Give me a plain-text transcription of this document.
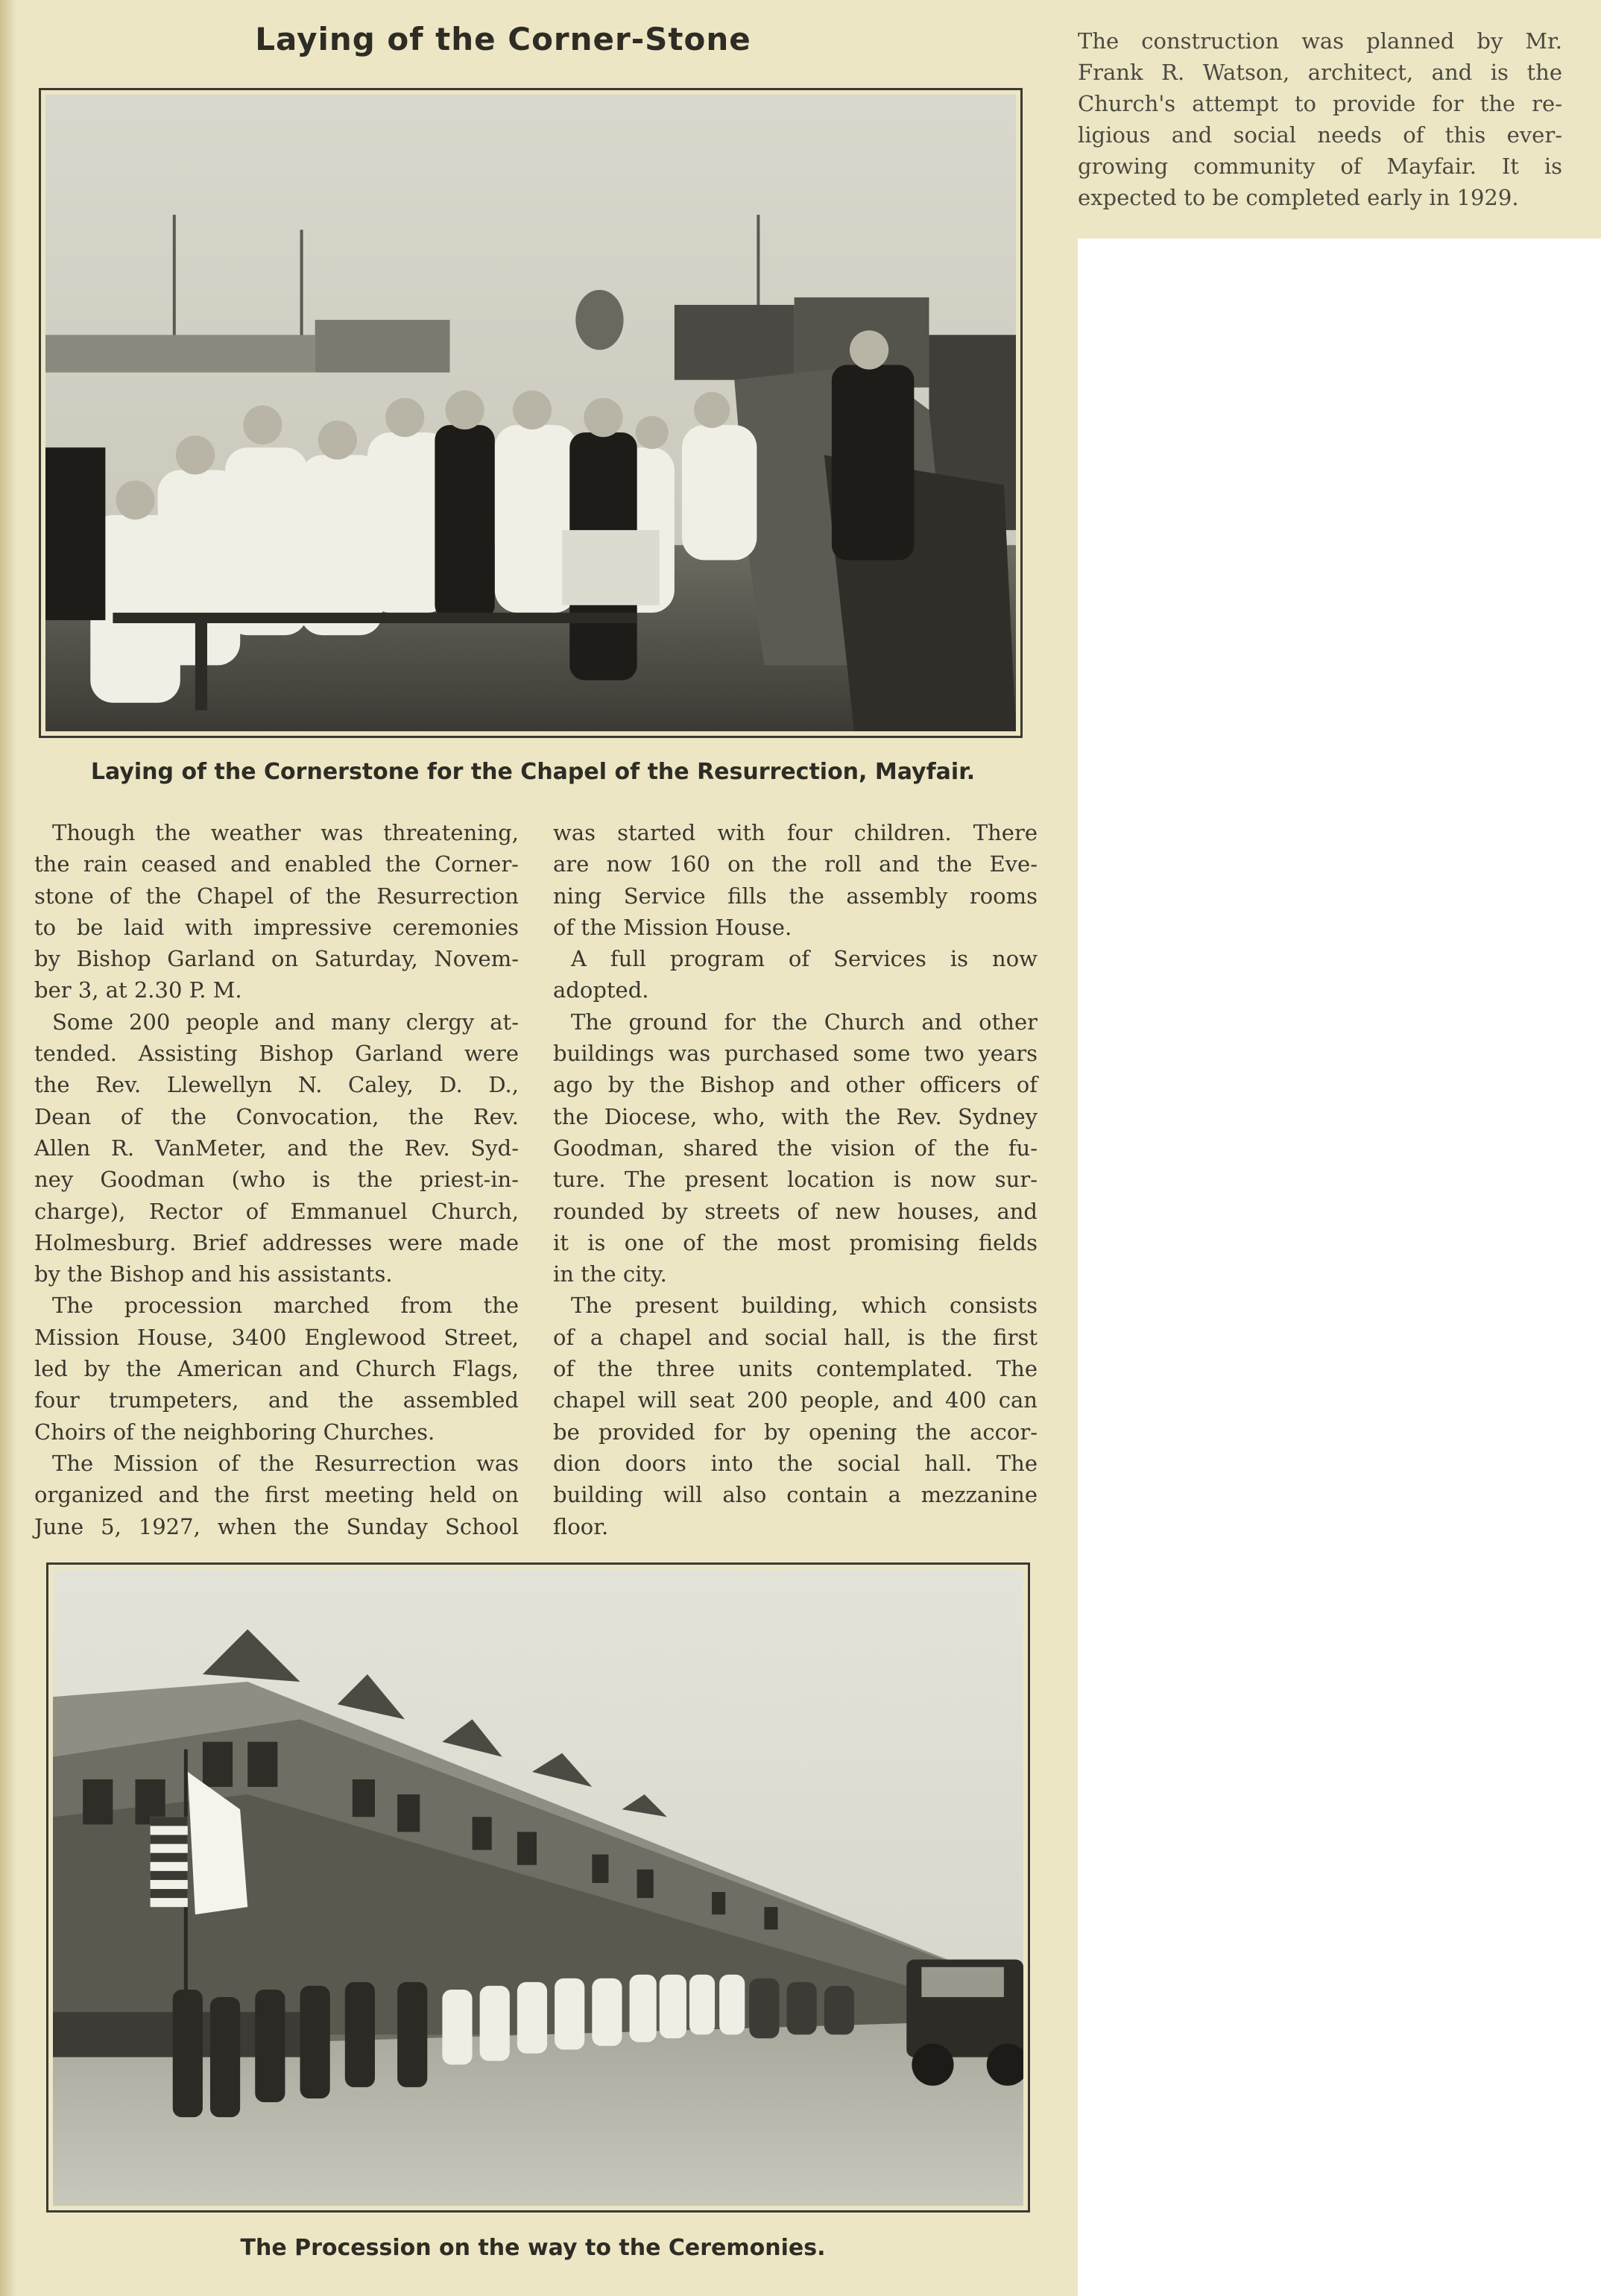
Laying of the Corner-Stone	The construction was planned by Mr.
Frank R. Watson, architect, and is the
Church's attempt to provide for the re-
ligious and social needs of this ever-
growing community of Mayfair. It is
expected to be completed early in 1929.
Laying of the Cornerstone for the Chapel of the Resurrection, Mayfair.
Though the weather was threatening,
the rain ceased and enabled the Corner-
stone of the Chapel of the Resurrection
to be laid with impressive ceremonies
by Bishop Garland on Saturday, Novem-
ber 3, at 2.30 P. M.
Some 200 people and many clergy at-
tended. Assisting Bishop Garland were
the Rev. Llewellyn N. Caley, D. D.,
Dean of the Convocation, the Rev.
Allen R. VanMeter, and the Rev. Syd-
ney Goodman (who is the priest-in-
charge), Rector of Emmanuel Church,
Holmesburg. Brief addresses were made
by the Bishop and his assistants.
The procession marched from the
Mission House, 3400 Englewood Street,
led by the American and Church Flags,
four trumpeters, and the assembled
Choirs of the neighboring Churches.
The Mission of the Resurrection was
organized and the first meeting held on
June 5, 1927, when the Sunday School
was started with four children. There
are now 160 on the roll and the Eve-
ning Service fills the assembly rooms
of the Mission House.
A full program of Services is now
adopted.
The ground for the Church and other
buildings was purchased some two years
ago by the Bishop and other officers of
the Diocese, who, with the Rev. Sydney
Goodman, shared the vision of the fu-
ture. The present location is now sur-
rounded by streets of new houses, and
it is one of the most promising fields
in the city.
The present building, which consists
of a chapel and social hall, is the first
of the three units contemplated. The
chapel will seat 200 people, and 400 can
be provided for by opening the accor-
dion doors into the social hall. The
building will also contain a mezzanine
floor.
The Procession on the way to the Ceremonies.
